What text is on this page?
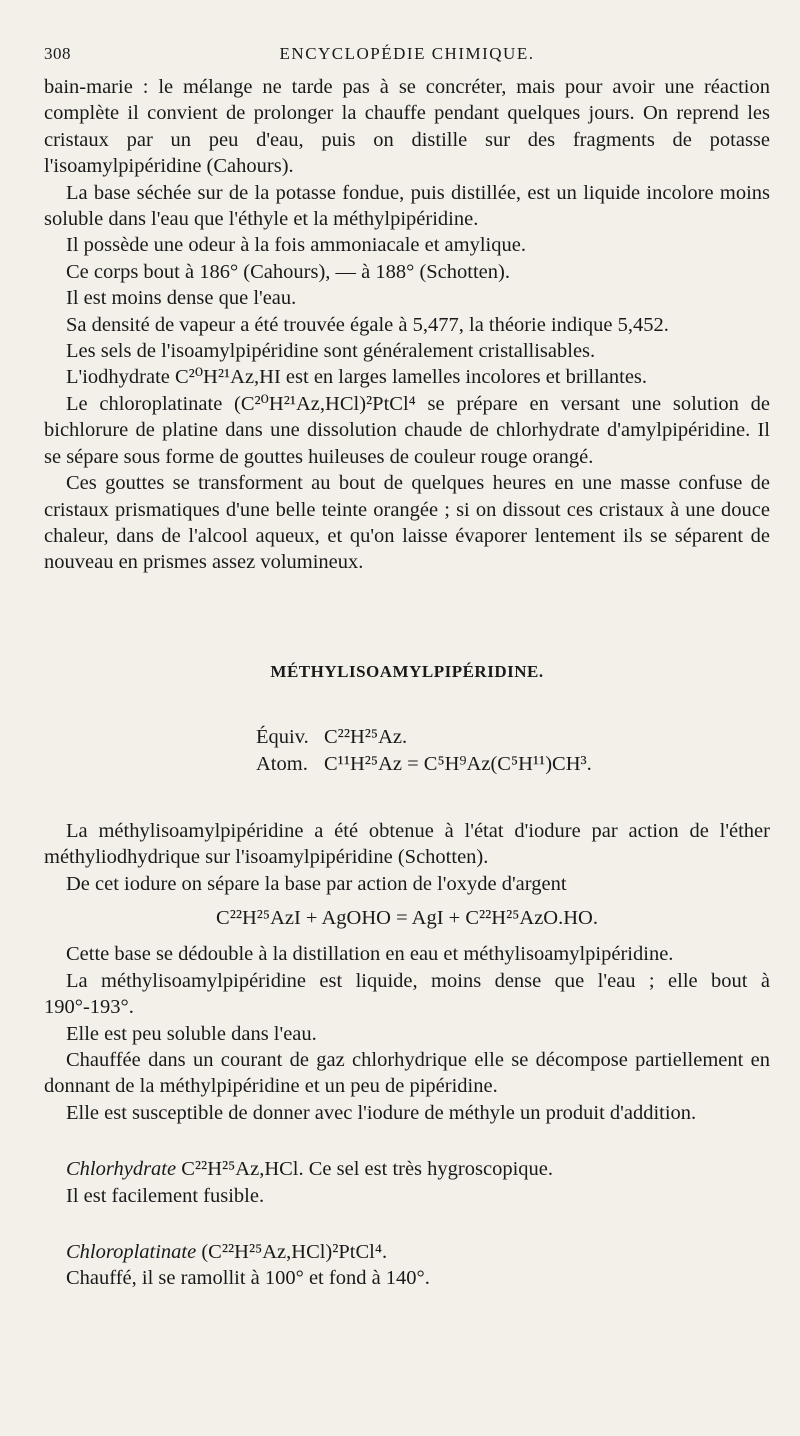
308	ENCYCLOPÉDIE CHIMIQUE.

bain-marie : le mélange ne tarde pas à se concréter, mais pour avoir une réaction complète il convient de prolonger la chauffe pendant quelques jours. On reprend les cristaux par un peu d'eau, puis on distille sur des fragments de potasse l'isoamylpipéridine (Cahours).

La base séchée sur de la potasse fondue, puis distillée, est un liquide incolore moins soluble dans l'eau que l'éthyle et la méthylpipéridine.

Il possède une odeur à la fois ammoniacale et amylique.

Ce corps bout à 186° (Cahours), — à 188° (Schotten).

Il est moins dense que l'eau.

Sa densité de vapeur a été trouvée égale à 5,477, la théorie indique 5,452.

Les sels de l'isoamylpipéridine sont généralement cristallisables.

L'iodhydrate C²⁰H²¹Az,HI est en larges lamelles incolores et brillantes.

Le chloroplatinate (C²⁰H²¹Az,HCl)²PtCl⁴ se prépare en versant une solution de bichlorure de platine dans une dissolution chaude de chlorhydrate d'amylpipéridine. Il se sépare sous forme de gouttes huileuses de couleur rouge orangé.

Ces gouttes se transforment au bout de quelques heures en une masse confuse de cristaux prismatiques d'une belle teinte orangée ; si on dissout ces cristaux à une douce chaleur, dans de l'alcool aqueux, et qu'on laisse évaporer lentement ils se séparent de nouveau en prismes assez volumineux.

MÉTHYLISOAMYLPIPÉRIDINE.
Équiv. C²²H²⁵Az.
Atom. C¹¹H²⁵Az = C⁵H⁹Az(C⁵H¹¹)CH³.

La méthylisoamylpipéridine a été obtenue à l'état d'iodure par action de l'éther méthyliodhydrique sur l'isoamylpipéridine (Schotten).

De cet iodure on sépare la base par action de l'oxyde d'argent

C²²H²⁵AzI + AgOHO = AgI + C²²H²⁵AzO.HO.

Cette base se dédouble à la distillation en eau et méthylisoamylpipéridine.

La méthylisoamylpipéridine est liquide, moins dense que l'eau ; elle bout à 190°-193°.

Elle est peu soluble dans l'eau.

Chauffée dans un courant de gaz chlorhydrique elle se décompose partiellement en donnant de la méthylpipéridine et un peu de pipéridine.

Elle est susceptible de donner avec l'iodure de méthyle un produit d'addition.

Chlorhydrate C²²H²⁵Az,HCl. Ce sel est très hygroscopique.

Il est facilement fusible.

Chloroplatinate (C²²H²⁵Az,HCl)²PtCl⁴.

Chauffé, il se ramollit à 100° et fond à 140°.
